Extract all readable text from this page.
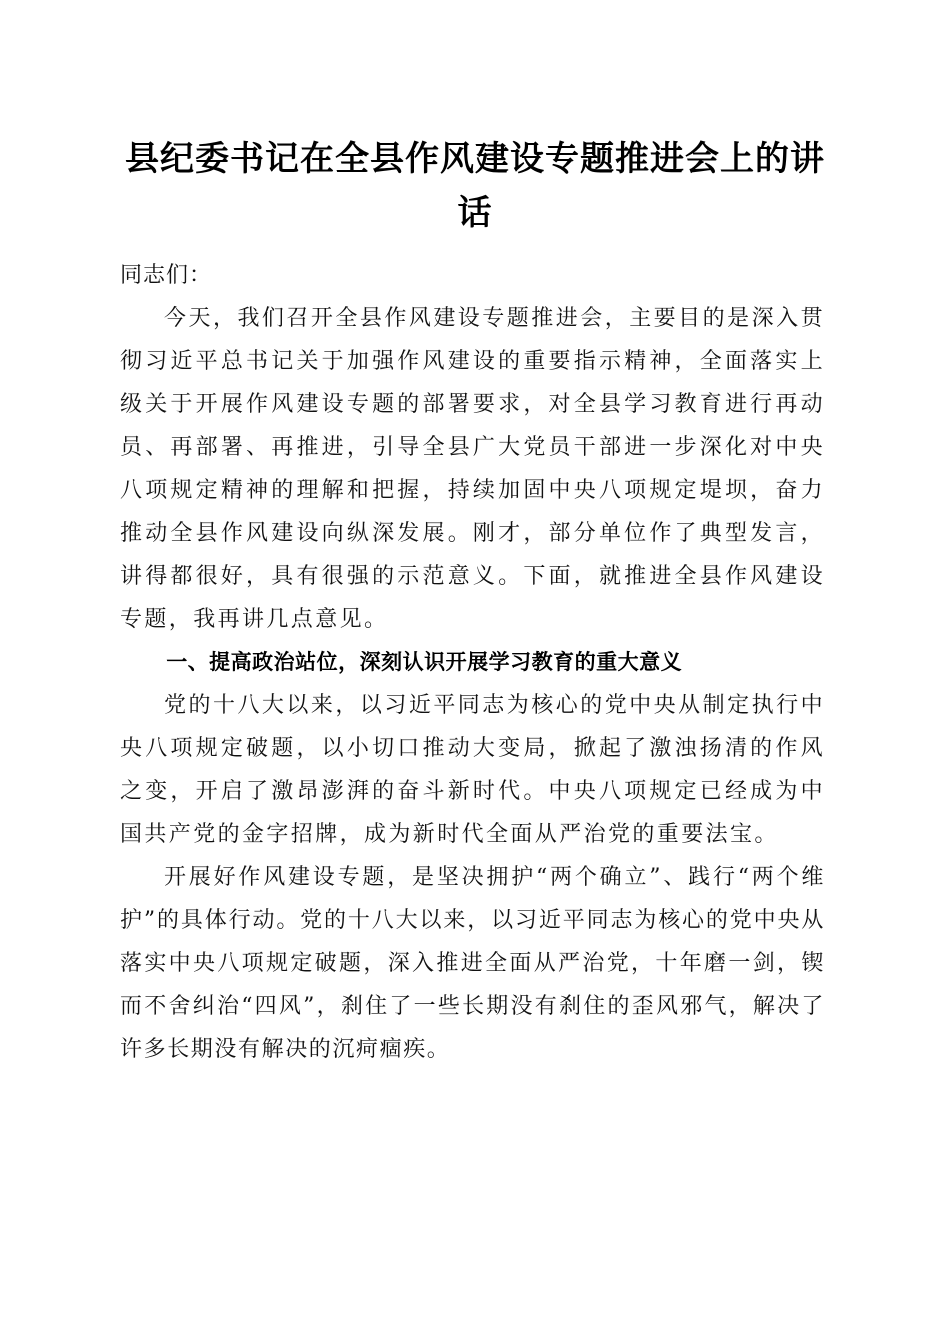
县纪委书记在全县作风建设专题推进会上的讲话

同志们：

今天，我们召开全县作风建设专题推进会，主要目的是深入贯彻习近平总书记关于加强作风建设的重要指示精神，全面落实上级关于开展作风建设专题的部署要求，对全县学习教育进行再动员、再部署、再推进，引导全县广大党员干部进一步深化对中央八项规定精神的理解和把握，持续加固中央八项规定堤坝，奋力推动全县作风建设向纵深发展。刚才，部分单位作了典型发言，讲得都很好，具有很强的示范意义。下面，就推进全县作风建设专题，我再讲几点意见。

一、提高政治站位，深刻认识开展学习教育的重大意义

党的十八大以来，以习近平同志为核心的党中央从制定执行中央八项规定破题，以小切口推动大变局，掀起了激浊扬清的作风之变，开启了激昂澎湃的奋斗新时代。中央八项规定已经成为中国共产党的金字招牌，成为新时代全面从严治党的重要法宝。

开展好作风建设专题，是坚决拥护“两个确立”、践行“两个维护”的具体行动。党的十八大以来，以习近平同志为核心的党中央从落实中央八项规定破题，深入推进全面从严治党，十年磨一剑，锲而不舍纠治“四风”，刹住了一些长期没有刹住的歪风邪气，解决了许多长期没有解决的沉疴痼疾。
